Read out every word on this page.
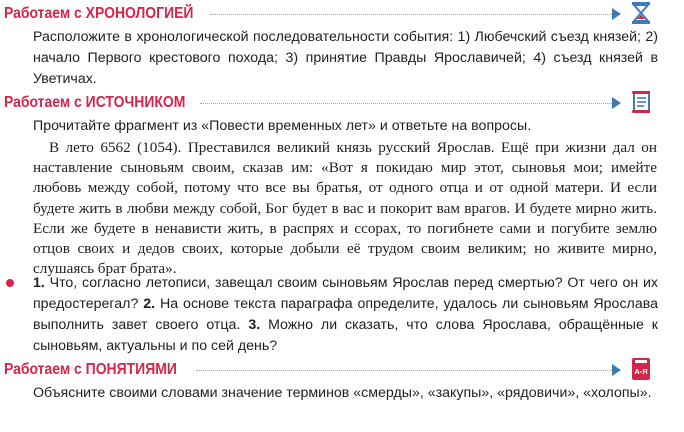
Работаем с ХРОНОЛОГИЕЙ

Расположите в хронологической последовательности события: 1) Любечский съезд князей; 2) начало Первого крестового похода; 3) принятие Правды Ярославичей; 4) съезд князей в Уветичах.

Работаем с ИСТОЧНИКОМ

Прочитайте фрагмент из «Повести временных лет» и ответьте на вопросы.

В лето 6562 (1054). Преставился великий князь русский Ярослав. Ещё при жизни дал он наставление сыновьям своим, сказав им: «Вот я покидаю мир этот, сыновья мои; имейте любовь между собой, потому что все вы братья, от одного отца и от одной матери. И если будете жить в любви между собой, Бог будет в вас и покорит вам врагов. И будете мирно жить. Если же будете в ненависти жить, в распрях и ссорах, то погибнете сами и погубите землю отцов своих и дедов своих, которые добыли её трудом своим великим; но живите мирно, слушаясь брат брата».

1. Что, согласно летописи, завещал своим сыновьям Ярослав перед смертью? От чего он их предостерегал? 2. На основе текста параграфа определите, удалось ли сыновьям Ярослава выполнить завет своего отца. 3. Можно ли сказать, что слова Ярослава, обращённые к сыновьям, актуальны и по сей день?

Работаем с ПОНЯТИЯМИ	А-Я

Объясните своими словами значение терминов «смерды», «закупы», «рядовичи», «холопы».
